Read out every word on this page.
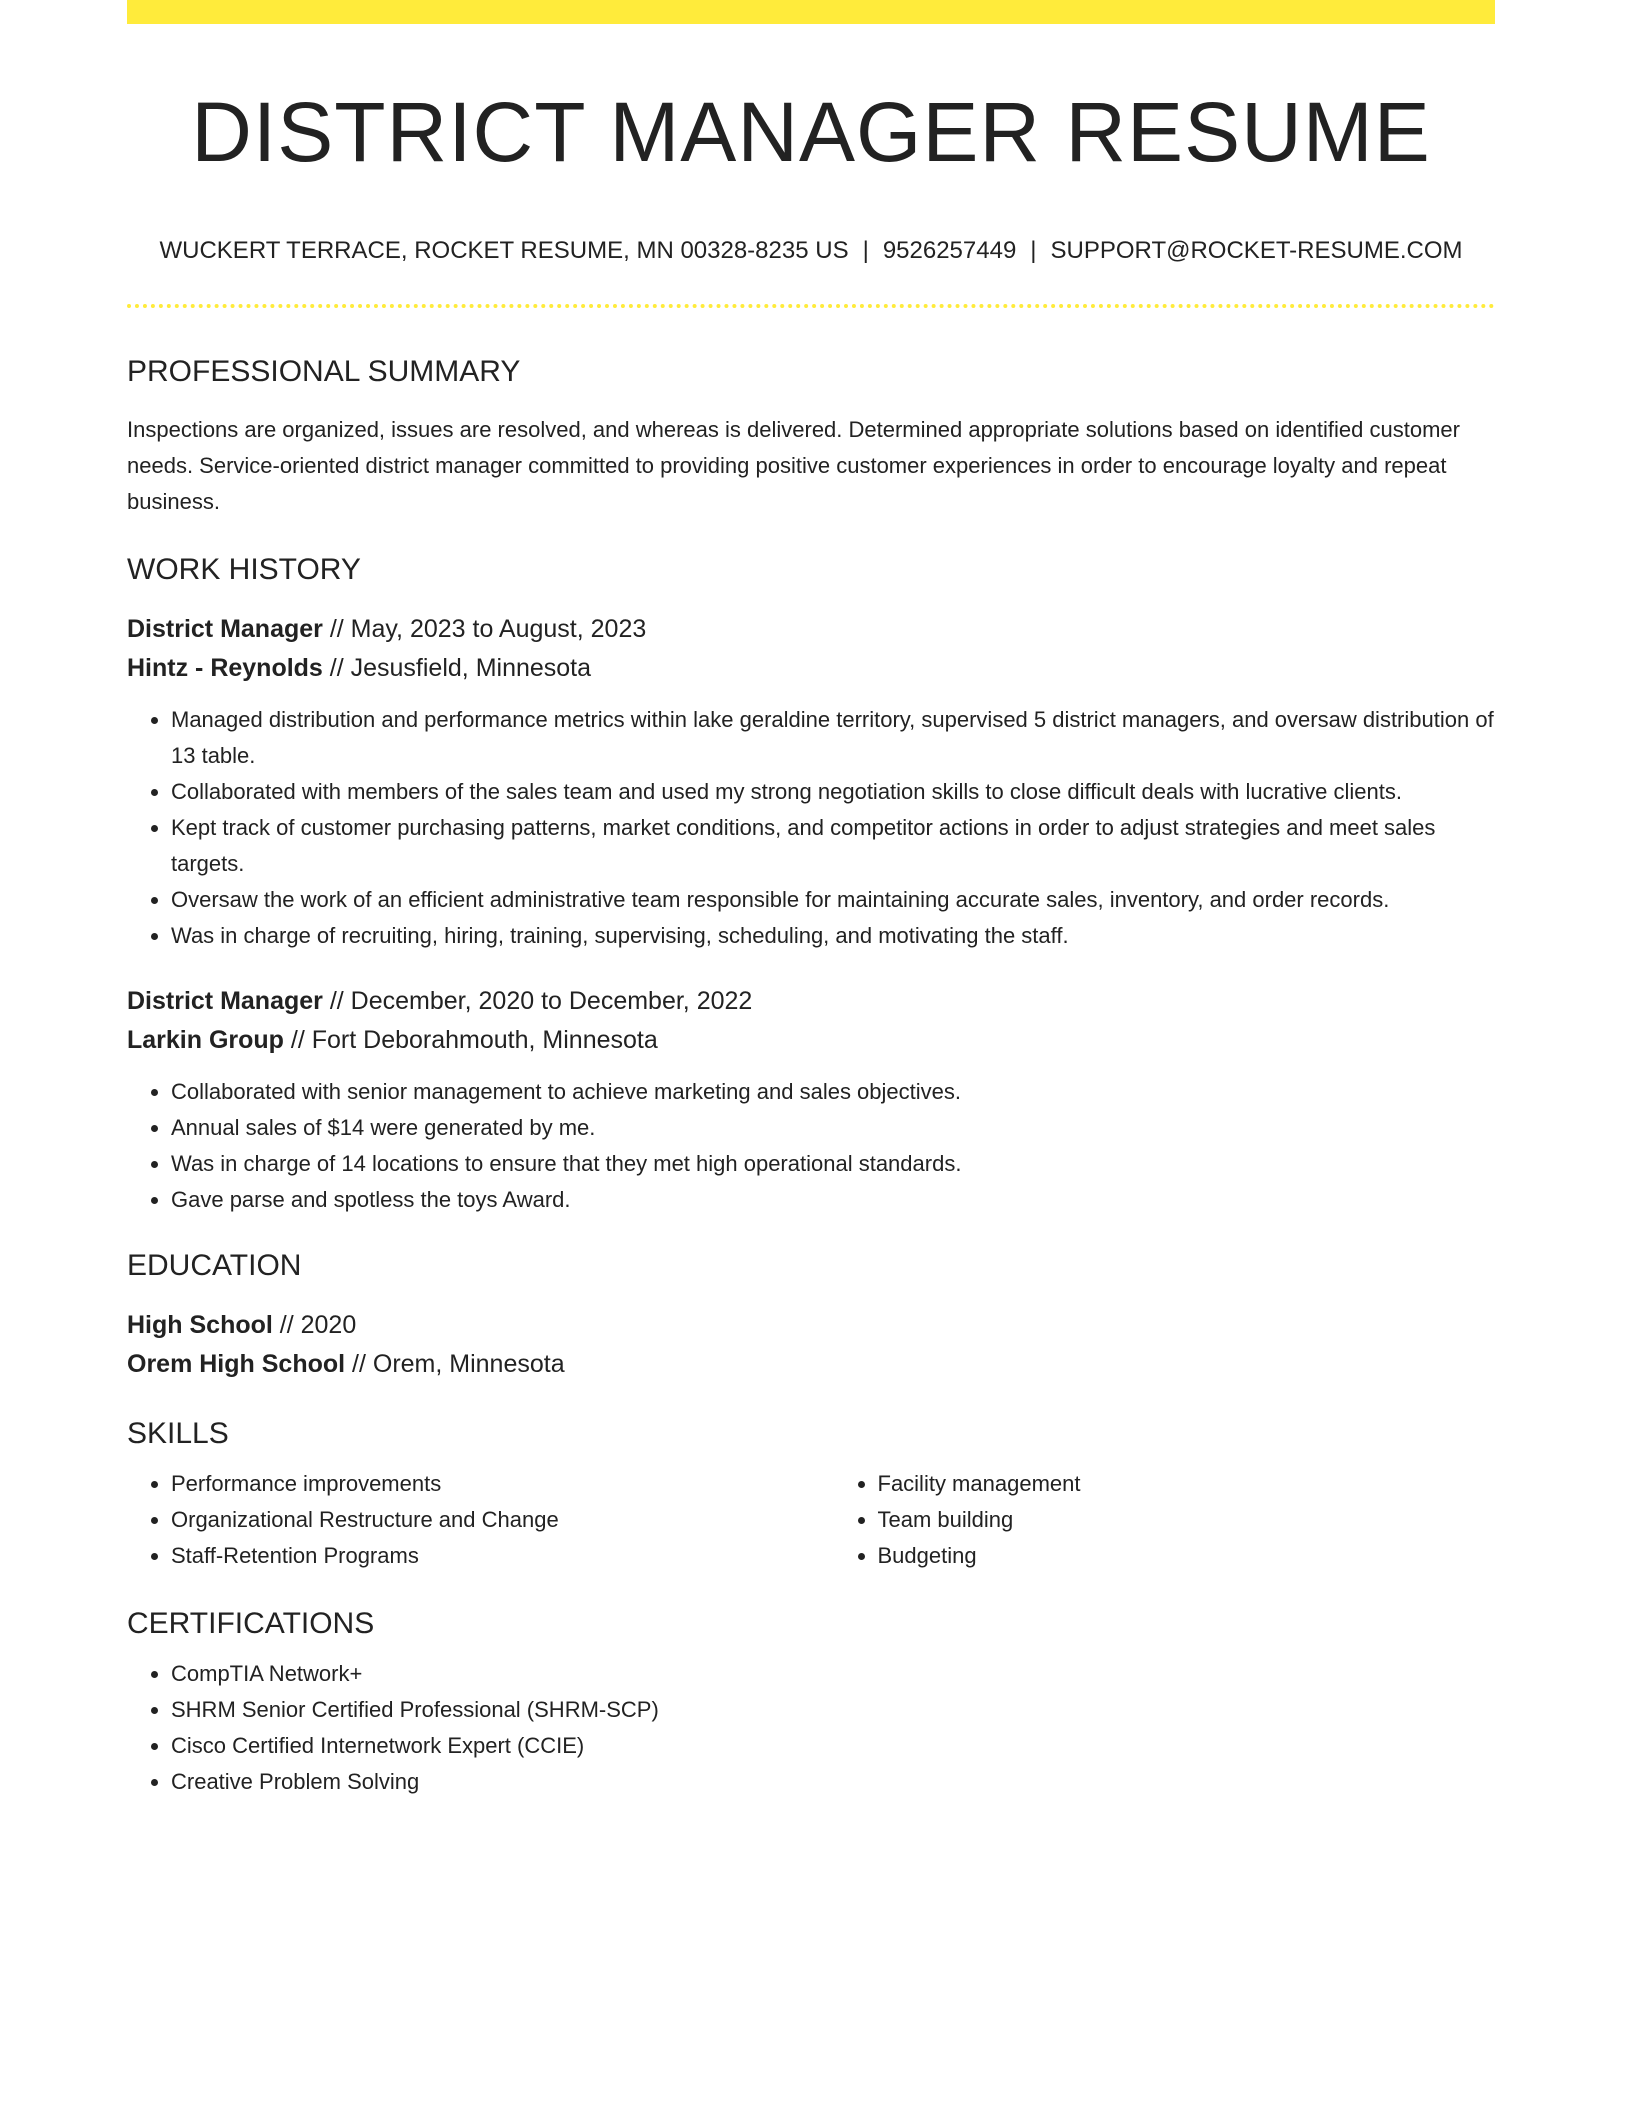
DISTRICT MANAGER RESUME
WUCKERT TERRACE, ROCKET RESUME, MN 00328-8235 US | 9526257449 | SUPPORT@ROCKET-RESUME.COM
PROFESSIONAL SUMMARY

Inspections are organized, issues are resolved, and whereas is delivered. Determined appropriate solutions based on identified customer needs. Service-oriented district manager committed to providing positive customer experiences in order to encourage loyalty and repeat business.

WORK HISTORY
District Manager // May, 2023 to August, 2023
Hintz - Reynolds // Jesusfield, Minnesota
• Managed distribution and performance metrics within lake geraldine territory, supervised 5 district managers, and oversaw distribution of 13 table.
• Collaborated with members of the sales team and used my strong negotiation skills to close difficult deals with lucrative clients.
• Kept track of customer purchasing patterns, market conditions, and competitor actions in order to adjust strategies and meet sales targets.
• Oversaw the work of an efficient administrative team responsible for maintaining accurate sales, inventory, and order records.
• Was in charge of recruiting, hiring, training, supervising, scheduling, and motivating the staff.
District Manager // December, 2020 to December, 2022
Larkin Group // Fort Deborahmouth, Minnesota
• Collaborated with senior management to achieve marketing and sales objectives.
• Annual sales of $14 were generated by me.
• Was in charge of 14 locations to ensure that they met high operational standards.
• Gave parse and spotless the toys Award.
EDUCATION
High School // 2020
Orem High School // Orem, Minnesota
SKILLS
• Performance improvements
• Organizational Restructure and Change
• Staff-Retention Programs
• Facility management
• Team building
• Budgeting
CERTIFICATIONS
• CompTIA Network+
• SHRM Senior Certified Professional (SHRM-SCP)
• Cisco Certified Internetwork Expert (CCIE)
• Creative Problem Solving
